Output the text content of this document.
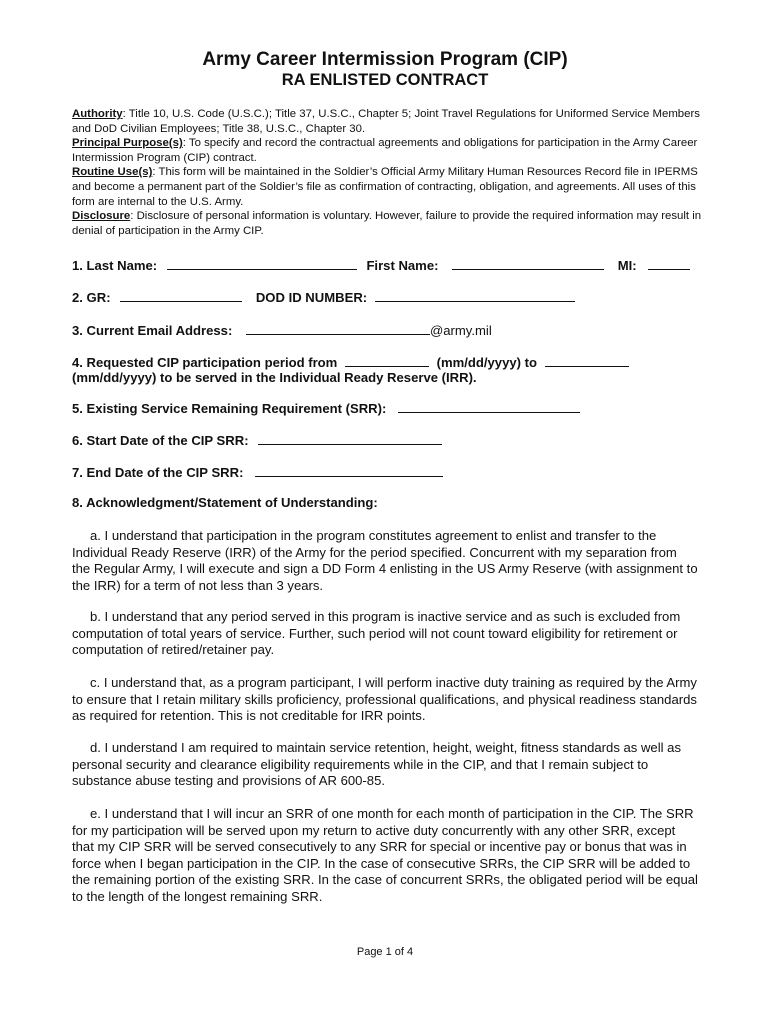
Army Career Intermission Program (CIP)
RA ENLISTED CONTRACT
Authority: Title 10, U.S. Code (U.S.C.); Title 37, U.S.C., Chapter 5; Joint Travel Regulations for Uniformed Service Members and DoD Civilian Employees; Title 38, U.S.C., Chapter 30.
Principal Purpose(s): To specify and record the contractual agreements and obligations for participation in the Army Career Intermission Program (CIP) contract.
Routine Use(s): This form will be maintained in the Soldier’s Official Army Military Human Resources Record file in IPERMS and become a permanent part of the Soldier’s file as confirmation of contracting, obligation, and agreements. All uses of this form are internal to the U.S. Army.
Disclosure: Disclosure of personal information is voluntary. However, failure to provide the required information may result in denial of participation in the Army CIP.
1. Last Name:	First Name:	MI:
2. GR:	DOD ID NUMBER:
3. Current Email Address:	@army.mil
4. Requested CIP participation period from	(mm/dd/yyyy) to
(mm/dd/yyyy) to be served in the Individual Ready Reserve (IRR).
5. Existing Service Remaining Requirement (SRR):
6. Start Date of the CIP SRR:
7. End Date of the CIP SRR:
8. Acknowledgment/Statement of Understanding:
a. I understand that participation in the program constitutes agreement to enlist and transfer to the Individual Ready Reserve (IRR) of the Army for the period specified. Concurrent with my separation from the Regular Army, I will execute and sign a DD Form 4 enlisting in the US Army Reserve (with assignment to the IRR) for a term of not less than 3 years.
b. I understand that any period served in this program is inactive service and as such is excluded from computation of total years of service. Further, such period will not count toward eligibility for retirement or computation of retired/retainer pay.
c. I understand that, as a program participant, I will perform inactive duty training as required by the Army to ensure that I retain military skills proficiency, professional qualifications, and physical readiness standards as required for retention. This is not creditable for IRR points.
d. I understand I am required to maintain service retention, height, weight, fitness standards as well as personal security and clearance eligibility requirements while in the CIP, and that I remain subject to substance abuse testing and provisions of AR 600-85.
e. I understand that I will incur an SRR of one month for each month of participation in the CIP. The SRR for my participation will be served upon my return to active duty concurrently with any other SRR, except that my CIP SRR will be served consecutively to any SRR for special or incentive pay or bonus that was in force when I began participation in the CIP. In the case of consecutive SRRs, the CIP SRR will be added to the remaining portion of the existing SRR. In the case of concurrent SRRs, the obligated period will be equal to the length of the longest remaining SRR.
Page 1 of 4
